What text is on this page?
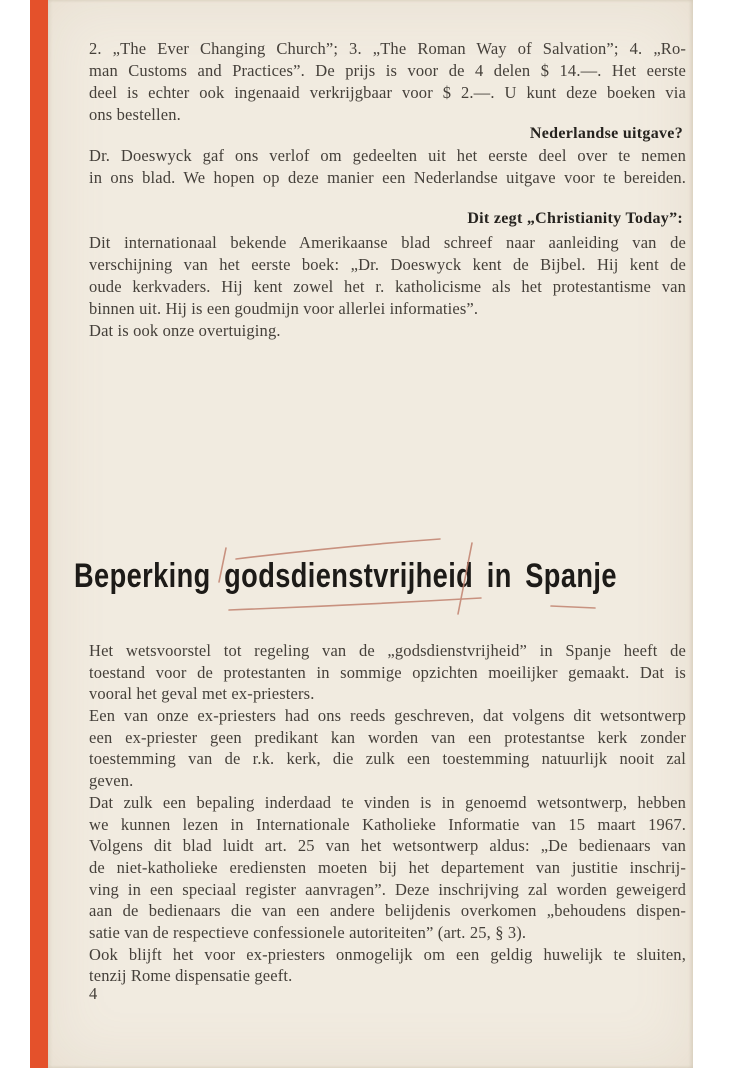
2. „The Ever Changing Church”; 3. „The Roman Way of Salvation”; 4. „Ro-
man Customs and Practices”. De prijs is voor de 4 delen $ 14.—. Het eerste
deel is echter ook ingenaaid verkrijgbaar voor $ 2.—. U kunt deze boeken via
ons bestellen.
Nederlandse uitgave?
Dr. Doeswyck gaf ons verlof om gedeelten uit het eerste deel over te nemen
in ons blad. We hopen op deze manier een Nederlandse uitgave voor te bereiden.
Dit zegt „Christianity Today”:
Dit internationaal bekende Amerikaanse blad schreef naar aanleiding van de
verschijning van het eerste boek: „Dr. Doeswyck kent de Bijbel. Hij kent de
oude kerkvaders. Hij kent zowel het r. katholicisme als het protestantisme van
binnen uit. Hij is een goudmijn voor allerlei informaties”.
Dat is ook onze overtuiging.
Beperking godsdienstvrijheid in Spanje
Het wetsvoorstel tot regeling van de „godsdienstvrijheid” in Spanje heeft de
toestand voor de protestanten in sommige opzichten moeilijker gemaakt. Dat is
vooral het geval met ex-priesters.
Een van onze ex-priesters had ons reeds geschreven, dat volgens dit wetsontwerp
een ex-priester geen predikant kan worden van een protestantse kerk zonder
toestemming van de r.k. kerk, die zulk een toestemming natuurlijk nooit zal
geven.
Dat zulk een bepaling inderdaad te vinden is in genoemd wetsontwerp, hebben
we kunnen lezen in Internationale Katholieke Informatie van 15 maart 1967.
Volgens dit blad luidt art. 25 van het wetsontwerp aldus: „De bedienaars van
de niet-katholieke erediensten moeten bij het departement van justitie inschrij-
ving in een speciaal register aanvragen”. Deze inschrijving zal worden geweigerd
aan de bedienaars die van een andere belijdenis overkomen „behoudens dispen-
satie van de respectieve confessionele autoriteiten” (art. 25, § 3).
Ook blijft het voor ex-priesters onmogelijk om een geldig huwelijk te sluiten,
tenzij Rome dispensatie geeft.
4
